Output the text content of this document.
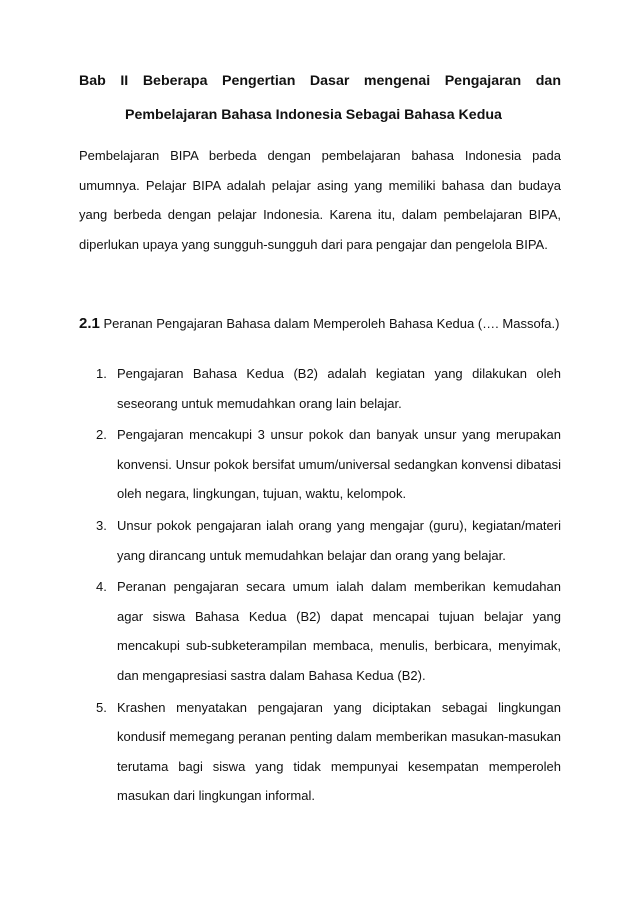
Bab II Beberapa Pengertian Dasar mengenai Pengajaran dan
Pembelajaran Bahasa Indonesia Sebagai Bahasa Kedua

Pembelajaran BIPA berbeda dengan pembelajaran bahasa Indonesia pada umumnya. Pelajar BIPA adalah pelajar asing yang memiliki bahasa dan budaya yang berbeda dengan pelajar Indonesia. Karena itu, dalam pembelajaran BIPA, diperlukan upaya yang sungguh-sungguh dari para pengajar dan pengelola BIPA.

2.1 Peranan Pengajaran Bahasa dalam Memperoleh Bahasa Kedua (…. Massofa.)

1. Pengajaran Bahasa Kedua (B2) adalah kegiatan yang dilakukan oleh seseorang untuk memudahkan orang lain belajar.
2. Pengajaran mencakupi 3 unsur pokok dan banyak unsur yang merupakan konvensi. Unsur pokok bersifat umum/universal sedangkan konvensi dibatasi oleh negara, lingkungan, tujuan, waktu, kelompok.
3. Unsur pokok pengajaran ialah orang yang mengajar (guru), kegiatan/materi yang dirancang untuk memudahkan belajar dan orang yang belajar.
4. Peranan pengajaran secara umum ialah dalam memberikan kemudahan agar siswa Bahasa Kedua (B2) dapat mencapai tujuan belajar yang mencakupi sub-subketerampilan membaca, menulis, berbicara, menyimak, dan mengapresiasi sastra dalam Bahasa Kedua (B2).
5. Krashen menyatakan pengajaran yang diciptakan sebagai lingkungan kondusif memegang peranan penting dalam memberikan masukan-masukan terutama bagi siswa yang tidak mempunyai kesempatan memperoleh masukan dari lingkungan informal.
